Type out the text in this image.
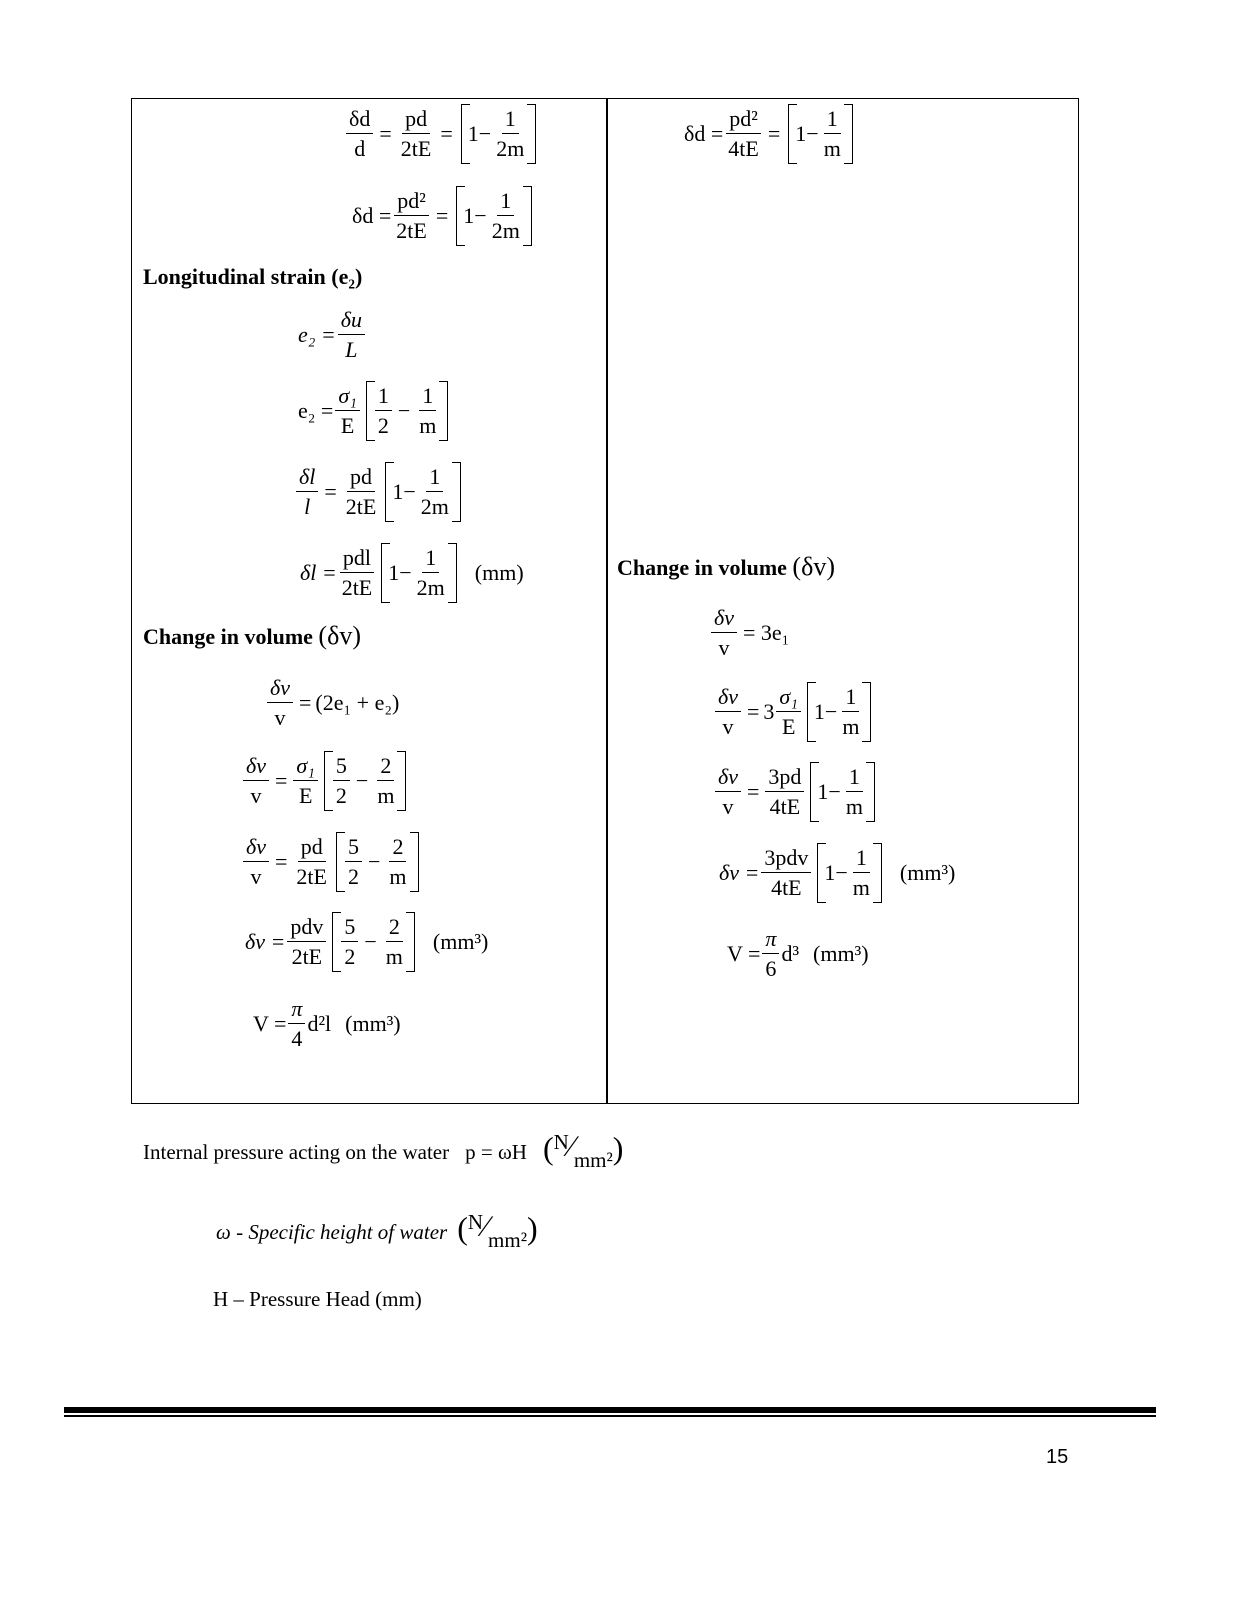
$\frac{\delta d}{d} = \frac{pd}{2tE} = 1 - \frac{1}{2m}$
$\delta d = \frac{\text{pd²}}{2tE} = 1 - \frac{1}{2m}$
Longitudinal strain (e₂)
$e_2 = \frac{\delta u}{L}$
$e_2 = \frac{\text{σ₁}}{E} \frac{1}{2} - \frac{1}{m}$
$\frac{\delta l}{l} = \frac{pd}{2tE} 1 - \frac{1}{2m}$
$\delta l = \frac{\text{pdl}}{2tE} 1 - \frac{1}{2m} (mm)$
Change in volume (δv)
$\frac{\delta v}{v} = (2e_1 + e_2)$
$\frac{\delta v}{v} = \frac{\text{σ₁}}{E} \frac{5}{2} - \frac{2}{m}$
$\frac{\delta v}{v} = \frac{pd}{2tE} \frac{5}{2} - \frac{2}{m}$
$\delta v = \frac{\text{pdv}}{2tE} \frac{5}{2} - \frac{2}{m} (mm^3)$
$V = \frac{\pi}{4} d^2l$ (mm³)
$\delta d = \frac{\text{pd²}}{4tE} = 1 - \frac{1}{m}$
Change in volume (δv)
$\frac{\delta v}{v} = 3e_1$
$\frac{\delta v}{v} = 3 \frac{\text{σ₁}}{E} 1 - \frac{1}{m}$
$\frac{\delta v}{v} = \frac{3pd}{4tE} 1 - \frac{1}{m}$
$\delta v = \frac{\text{3pdv}}{4tE} 1 - \frac{1}{m} (mm^3)$
$V = \frac{\pi}{6} d^3$ (mm³)
Internal pressure acting on the water p = ωH ( N ∕ mm² )
ω - Specific height of water ( N ∕ mm² )
H – Pressure Head (mm)
15
